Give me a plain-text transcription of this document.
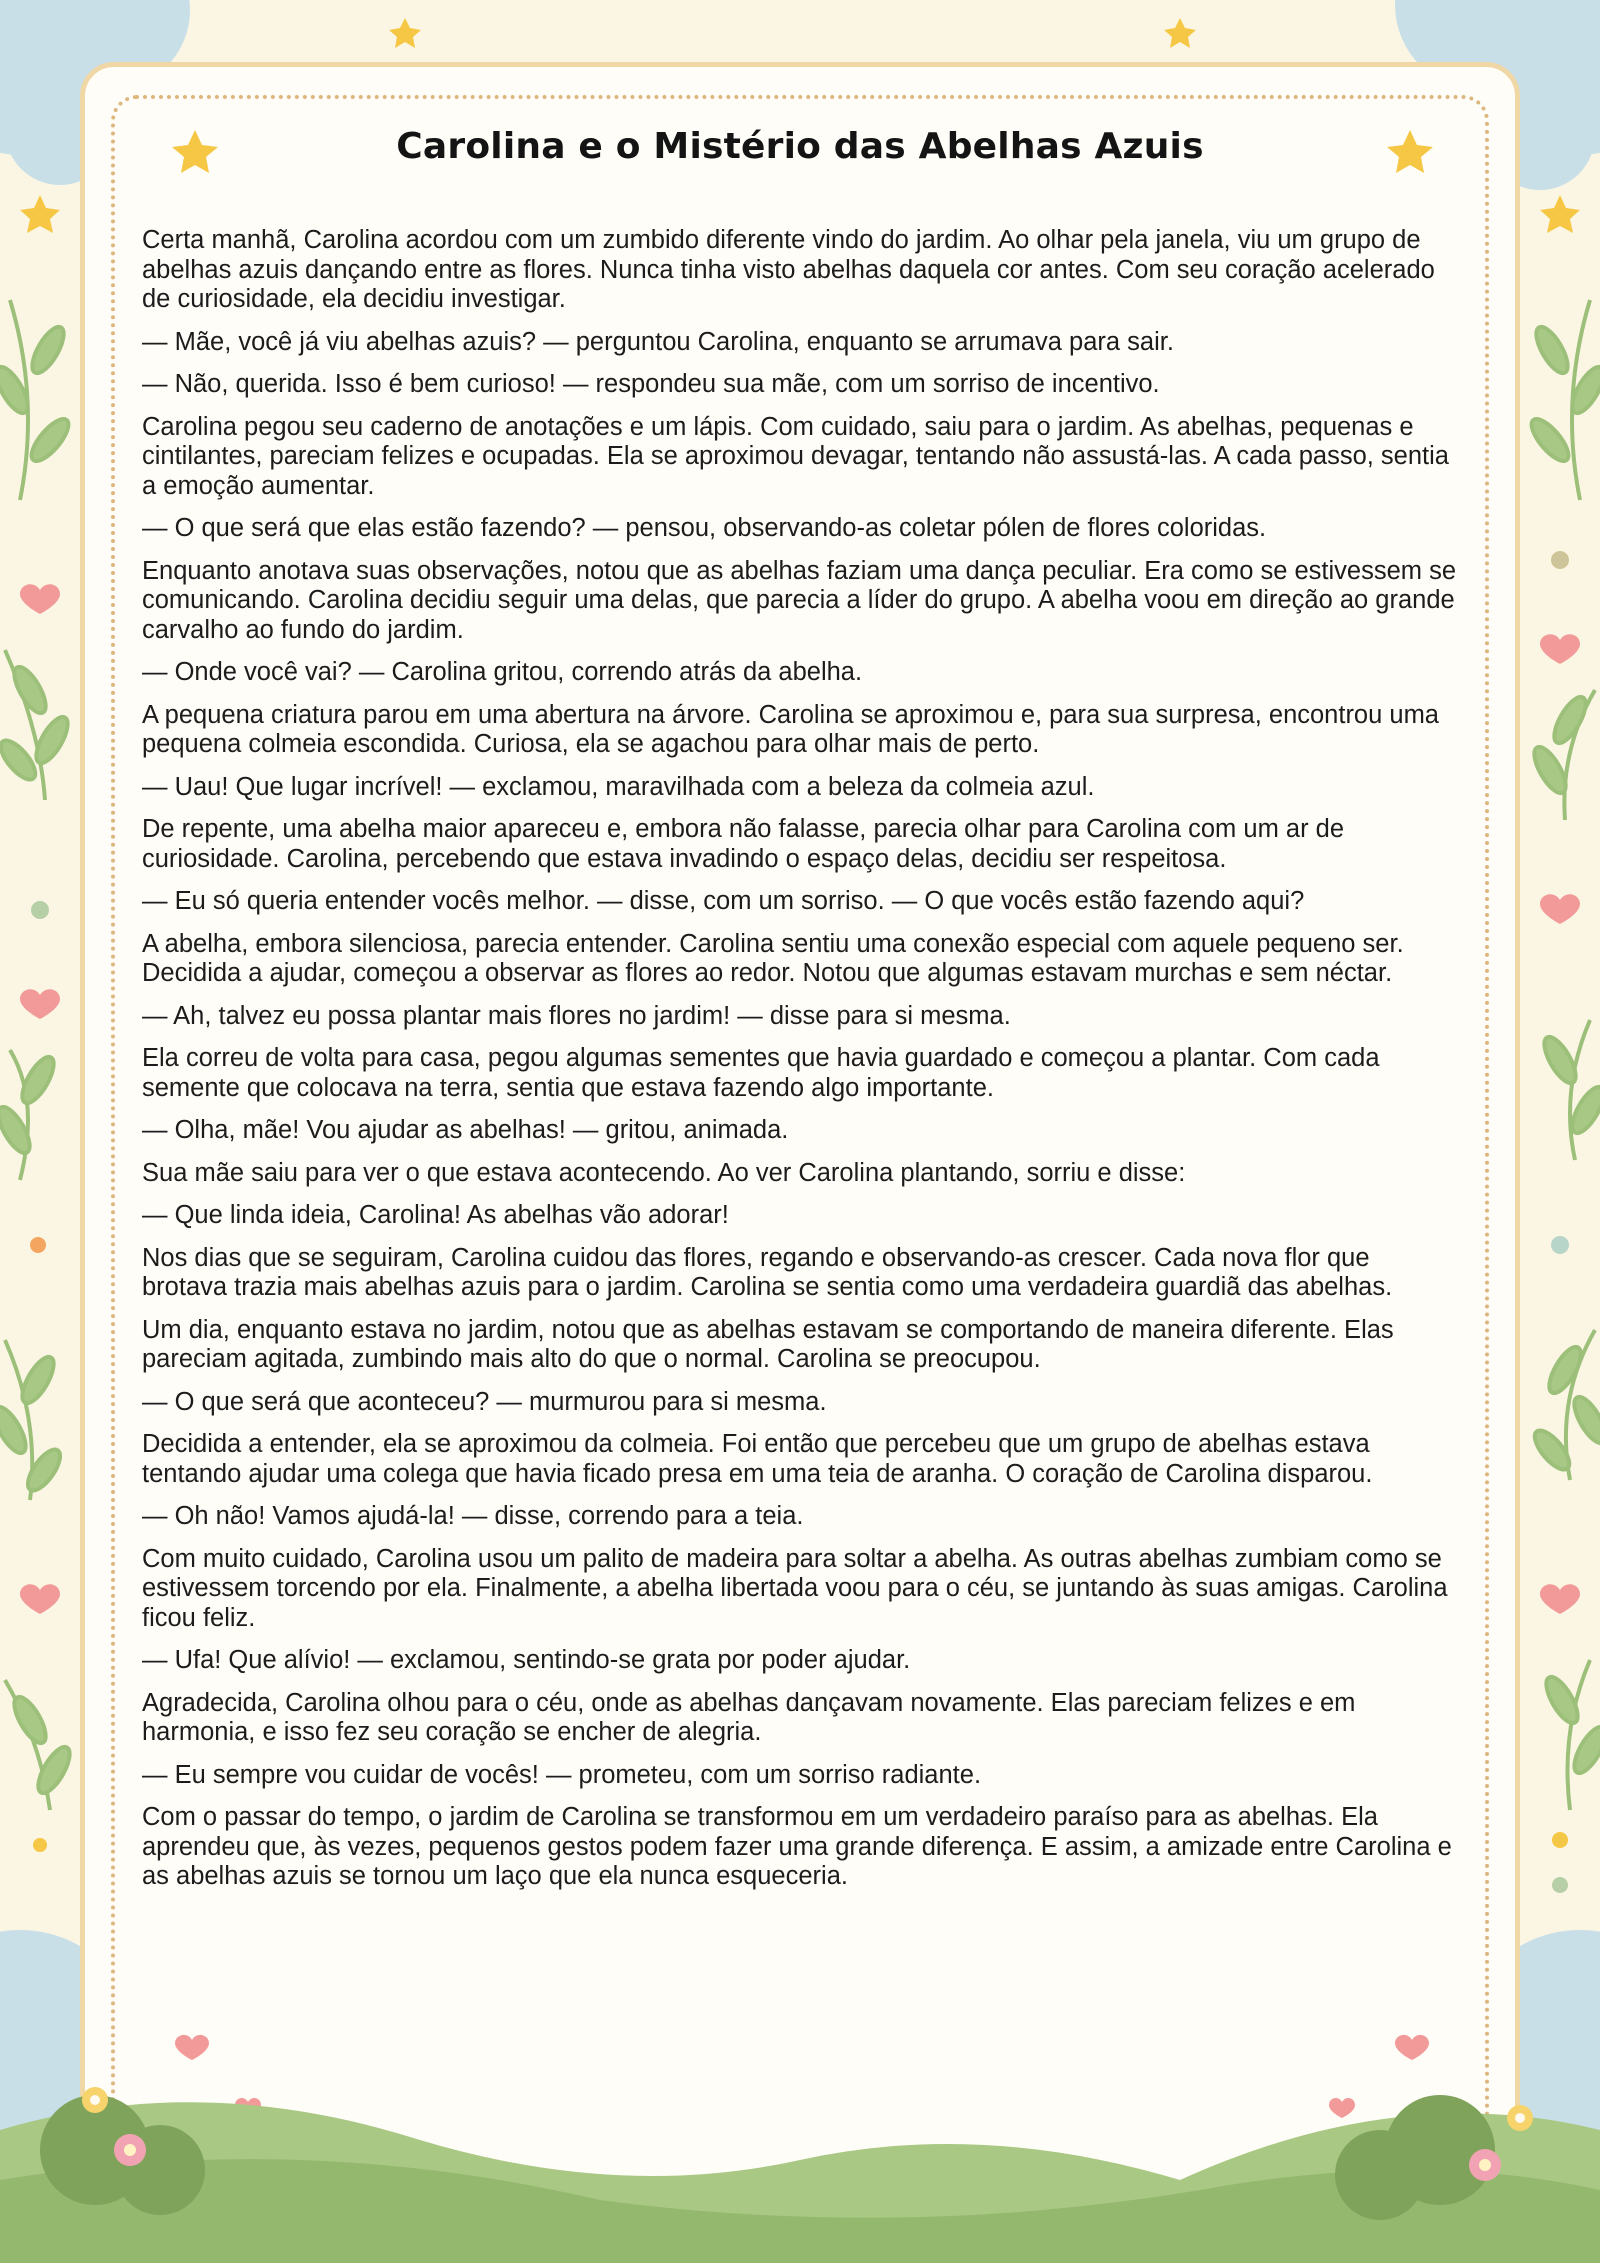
Carolina e o Mistério das Abelhas Azuis

Certa manhã, Carolina acordou com um zumbido diferente vindo do jardim. Ao olhar pela janela, viu um grupo de abelhas azuis dançando entre as flores. Nunca tinha visto abelhas daquela cor antes. Com seu coração acelerado de curiosidade, ela decidiu investigar.

— Mãe, você já viu abelhas azuis? — perguntou Carolina, enquanto se arrumava para sair.

— Não, querida. Isso é bem curioso! — respondeu sua mãe, com um sorriso de incentivo.

Carolina pegou seu caderno de anotações e um lápis. Com cuidado, saiu para o jardim. As abelhas, pequenas e cintilantes, pareciam felizes e ocupadas. Ela se aproximou devagar, tentando não assustá-las. A cada passo, sentia a emoção aumentar.

— O que será que elas estão fazendo? — pensou, observando-as coletar pólen de flores coloridas.

Enquanto anotava suas observações, notou que as abelhas faziam uma dança peculiar. Era como se estivessem se comunicando. Carolina decidiu seguir uma delas, que parecia a líder do grupo. A abelha voou em direção ao grande carvalho ao fundo do jardim.

— Onde você vai? — Carolina gritou, correndo atrás da abelha.

A pequena criatura parou em uma abertura na árvore. Carolina se aproximou e, para sua surpresa, encontrou uma pequena colmeia escondida. Curiosa, ela se agachou para olhar mais de perto.

— Uau! Que lugar incrível! — exclamou, maravilhada com a beleza da colmeia azul.

De repente, uma abelha maior apareceu e, embora não falasse, parecia olhar para Carolina com um ar de curiosidade. Carolina, percebendo que estava invadindo o espaço delas, decidiu ser respeitosa.

— Eu só queria entender vocês melhor. — disse, com um sorriso. — O que vocês estão fazendo aqui?

A abelha, embora silenciosa, parecia entender. Carolina sentiu uma conexão especial com aquele pequeno ser. Decidida a ajudar, começou a observar as flores ao redor. Notou que algumas estavam murchas e sem néctar.

— Ah, talvez eu possa plantar mais flores no jardim! — disse para si mesma.

Ela correu de volta para casa, pegou algumas sementes que havia guardado e começou a plantar. Com cada semente que colocava na terra, sentia que estava fazendo algo importante.

— Olha, mãe! Vou ajudar as abelhas! — gritou, animada.

Sua mãe saiu para ver o que estava acontecendo. Ao ver Carolina plantando, sorriu e disse:

— Que linda ideia, Carolina! As abelhas vão adorar!

Nos dias que se seguiram, Carolina cuidou das flores, regando e observando-as crescer. Cada nova flor que brotava trazia mais abelhas azuis para o jardim. Carolina se sentia como uma verdadeira guardiã das abelhas.

Um dia, enquanto estava no jardim, notou que as abelhas estavam se comportando de maneira diferente. Elas pareciam agitada, zumbindo mais alto do que o normal. Carolina se preocupou.

— O que será que aconteceu? — murmurou para si mesma.

Decidida a entender, ela se aproximou da colmeia. Foi então que percebeu que um grupo de abelhas estava tentando ajudar uma colega que havia ficado presa em uma teia de aranha. O coração de Carolina disparou.

— Oh não! Vamos ajudá-la! — disse, correndo para a teia.

Com muito cuidado, Carolina usou um palito de madeira para soltar a abelha. As outras abelhas zumbiam como se estivessem torcendo por ela. Finalmente, a abelha libertada voou para o céu, se juntando às suas amigas. Carolina ficou feliz.

— Ufa! Que alívio! — exclamou, sentindo-se grata por poder ajudar.

Agradecida, Carolina olhou para o céu, onde as abelhas dançavam novamente. Elas pareciam felizes e em harmonia, e isso fez seu coração se encher de alegria.

— Eu sempre vou cuidar de vocês! — prometeu, com um sorriso radiante.

Com o passar do tempo, o jardim de Carolina se transformou em um verdadeiro paraíso para as abelhas. Ela aprendeu que, às vezes, pequenos gestos podem fazer uma grande diferença. E assim, a amizade entre Carolina e as abelhas azuis se tornou um laço que ela nunca esqueceria.
